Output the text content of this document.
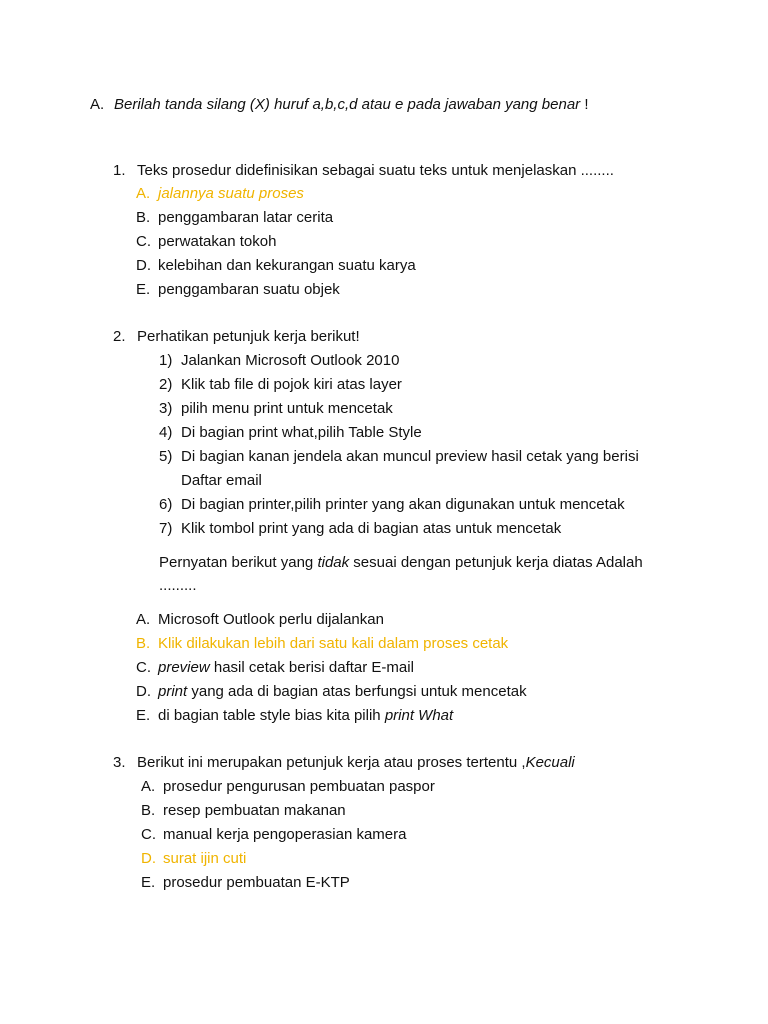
A. Berilah tanda silang (X) huruf a,b,c,d atau e pada jawaban yang benar !
1. Teks prosedur didefinisikan sebagai suatu teks untuk menjelaskan ........
A. jalannya suatu proses
B. penggambaran latar cerita
C. perwatakan tokoh
D. kelebihan dan kekurangan suatu karya
E. penggambaran suatu objek
2. Perhatikan petunjuk kerja berikut!
1) Jalankan Microsoft Outlook 2010
2) Klik tab file di pojok kiri atas layer
3) pilih menu print untuk mencetak
4) Di bagian print what,pilih Table Style
5) Di bagian kanan jendela akan muncul preview hasil cetak yang berisi
Daftar email
6) Di bagian printer,pilih printer yang akan digunakan untuk mencetak
7) Klik tombol print yang ada di bagian atas untuk mencetak
Pernyatan berikut yang tidak sesuai dengan petunjuk kerja diatas Adalah
.........
A. Microsoft Outlook perlu dijalankan
B. Klik dilakukan lebih dari satu kali dalam proses cetak
C. preview hasil cetak berisi daftar E-mail
D. print yang ada di bagian atas berfungsi untuk mencetak
E. di bagian table style bias kita pilih print What
3. Berikut ini merupakan petunjuk kerja atau proses tertentu ,Kecuali
A. prosedur pengurusan pembuatan paspor
B. resep pembuatan makanan
C. manual kerja pengoperasian kamera
D. surat ijin cuti
E. prosedur pembuatan E-KTP
